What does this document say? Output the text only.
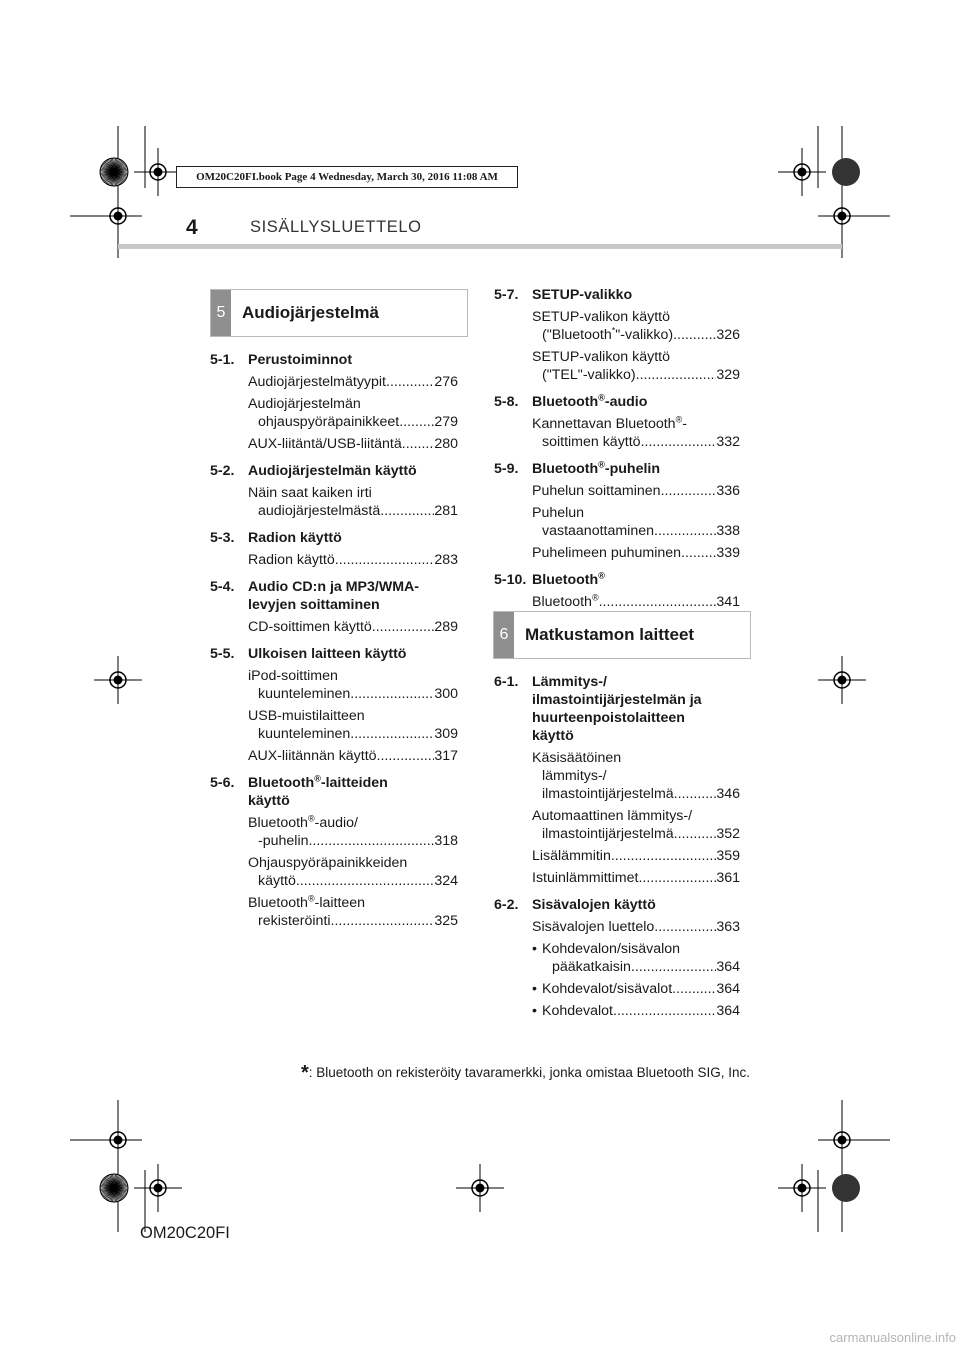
OM20C20FI.book Page 4 Wednesday, March 30, 2016 11:08 AM
4	SISÄLLYSLUETTELO
5 Audiojärjestelmä
6 Matkustamon laitteet
5-1. Perustoiminnot
Audiojärjestelmätyypit .....	276
Audiojärjestelmän
ohjauspyöräpainikkeet ..... 279
AUX-liitäntä/USB-liitäntä ..... 280
5-2. Audiojärjestelmän käyttö
Näin saat kaiken irti
audiojärjestelmästä .....	281
5-3. Radion käyttö
Radion käyttö .....	283
5-4. Audio CD:n ja MP3/WMA-
levyjen soittaminen
CD-soittimen käyttö .....	289
5-5. Ulkoisen laitteen käyttö
iPod-soittimen
kuunteleminen .....	300
USB-muistilaitteen
kuunteleminen .....	309
AUX-liitännän käyttö .....	317
5-6. Bluetooth®-laitteiden
käyttö
Bluetooth®-audio/
-puhelin .....	318
Ohjauspyöräpainikkeiden
käyttö .....	324
Bluetooth®-laitteen
rekisteröinti .....	325
5-7. SETUP-valikko
SETUP-valikon käyttö
("Bluetooth*"-valikko) .....	326
SETUP-valikon käyttö
("TEL"-valikko) .....	329
5-8. Bluetooth®-audio
Kannettavan Bluetooth®-
soittimen käyttö .....	332
5-9. Bluetooth®-puhelin
Puhelun soittaminen .....	336
Puhelun
vastaanottaminen .....	338
Puhelimeen puhuminen ..... 339
5-10. Bluetooth®
Bluetooth® .....	341
6-1. Lämmitys-/
ilmastointijärjestelmän ja
huurteenpoistolaitteen
käyttö
Käsisäätöinen
lämmitys-/
ilmastointijärjestelmä .....	346
Automaattinen lämmitys-/
ilmastointijärjestelmä .....	352
Lisälämmitin .....	359
Istuinlämmittimet .....	361
6-2. Sisävalojen käyttö
Sisävalojen luettelo .....	363
• Kohdevalon/sisävalon
pääkatkaisin .....	364
• Kohdevalot/sisävalot .....	364
• Kohdevalot .....	364
*: Bluetooth on rekisteröity tavaramerkki, jonka omistaa Bluetooth SIG, Inc.
OM20C20FI
carmanualsonline.info
